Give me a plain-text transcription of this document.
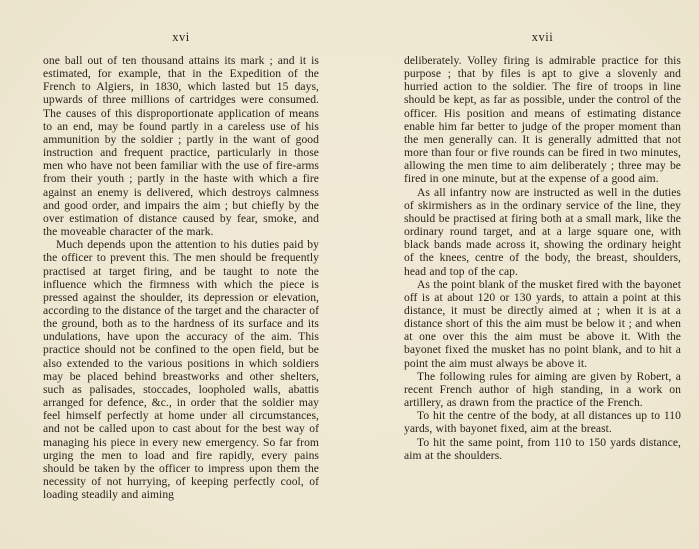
xvi

one ball out of ten thousand attains its mark ; and it is estimated, for example, that in the Expedition of the French to Algiers, in 1830, which lasted but 15 days, upwards of three millions of cartridges were consumed. The causes of this disproportionate application of means to an end, may be found partly in a careless use of his ammunition by the soldier ; partly in the want of good instruction and frequent practice, particularly in those men who have not been familiar with the use of fire-arms from their youth ; partly in the haste with which a fire against an enemy is delivered, which destroys calmness and good order, and impairs the aim ; but chiefly by the over estimation of distance caused by fear, smoke, and the moveable character of the mark.

Much depends upon the attention to his duties paid by the officer to prevent this. The men should be frequently practised at target firing, and be taught to note the influence which the firmness with which the piece is pressed against the shoulder, its depression or elevation, according to the distance of the target and the character of the ground, both as to the hardness of its surface and its undulations, have upon the accuracy of the aim. This practice should not be confined to the open field, but be also extended to the various positions in which soldiers may be placed behind breastworks and other shelters, such as palisades, stoccades, loopholed walls, abattis arranged for defence, &c., in order that the soldier may feel himself perfectly at home under all circumstances, and not be called upon to cast about for the best way of managing his piece in every new emergency. So far from urging the men to load and fire rapidly, every pains should be taken by the officer to impress upon them the necessity of not hurrying, of keeping perfectly cool, of loading steadily and aiming

xvii

deliberately. Volley firing is admirable practice for this purpose ; that by files is apt to give a slovenly and hurried action to the soldier. The fire of troops in line should be kept, as far as possible, under the control of the officer. His position and means of estimating distance enable him far better to judge of the proper moment than the men generally can. It is generally admitted that not more than four or five rounds can be fired in two minutes, allowing the men time to aim deliberately ; three may be fired in one minute, but at the expense of a good aim.

As all infantry now are instructed as well in the duties of skirmishers as in the ordinary service of the line, they should be practised at firing both at a small mark, like the ordinary round target, and at a large square one, with black bands made across it, showing the ordinary height of the knees, centre of the body, the breast, shoulders, head and top of the cap.

As the point blank of the musket fired with the bayonet off is at about 120 or 130 yards, to attain a point at this distance, it must be directly aimed at ; when it is at a distance short of this the aim must be below it ; and when at one over this the aim must be above it. With the bayonet fixed the musket has no point blank, and to hit a point the aim must always be above it.

The following rules for aiming are given by Robert, a recent French author of high standing, in a work on artillery, as drawn from the practice of the French.

To hit the centre of the body, at all distances up to 110 yards, with bayonet fixed, aim at the breast.

To hit the same point, from 110 to 150 yards distance, aim at the shoulders.
